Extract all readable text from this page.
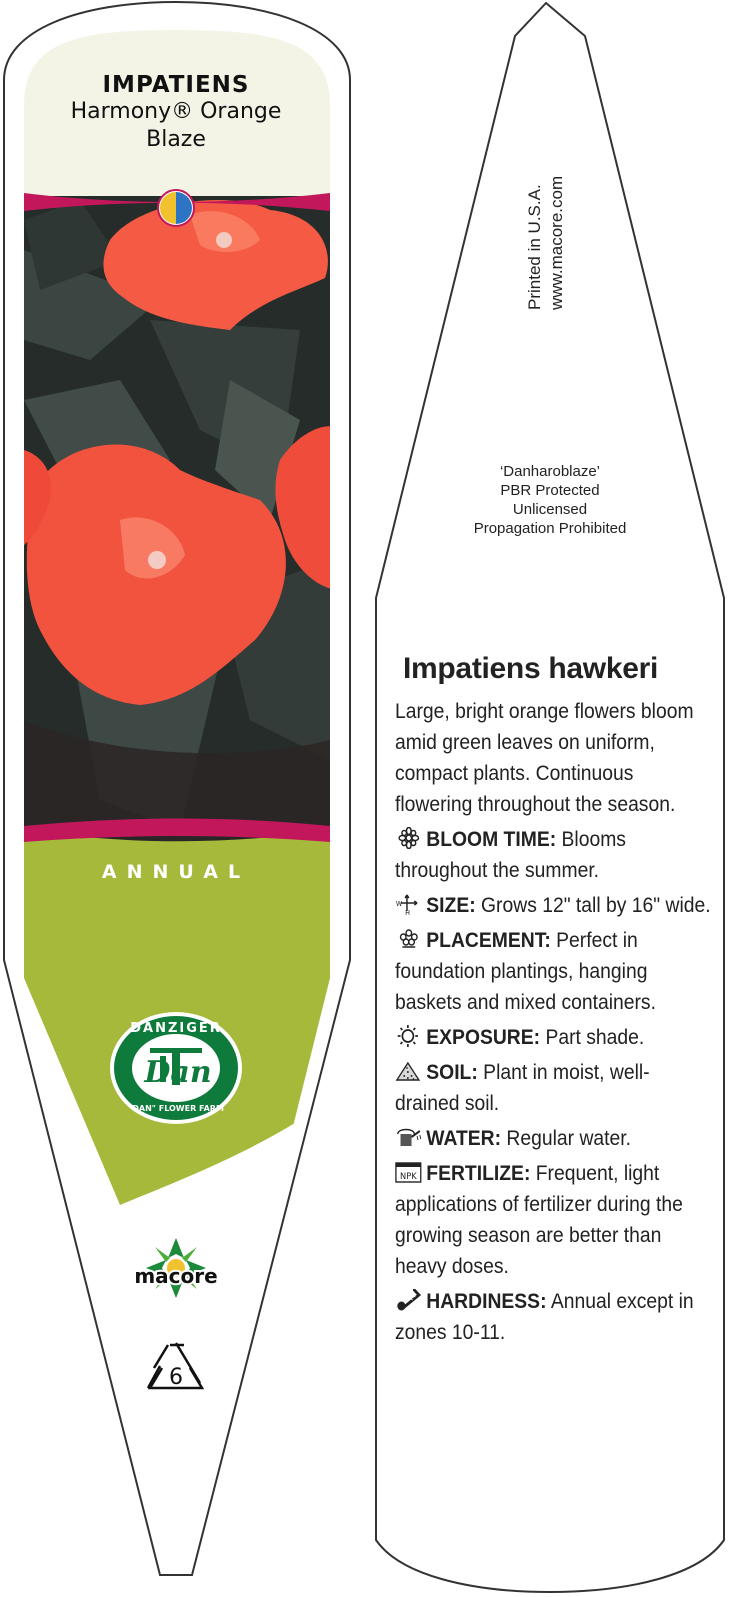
DANZIGER
Dan
"DAN" FLOWER FARM
macore
6
IMPATIENS
Harmony® Orange
Blaze
ANNUAL
Printed in U.S.A. www.macore.com
‘Danharoblaze’
PBR Protected
Unlicensed
Propagation Prohibited
Impatiens hawkeri
Large, bright orange flowers bloom amid green leaves on uniform, compact plants. Continuous flowering throughout the season.
BLOOM TIME: Blooms throughout the summer.
W
H SIZE: Grows 12" tall by 16" wide.
PLACEMENT: Perfect in foundation plantings, hanging baskets and mixed containers.
EXPOSURE: Part shade.
SOIL: Plant in moist, well-drained soil.
WATER: Regular water.
NPK FERTILIZE: Frequent, light applications of fertilizer during the growing season are better than heavy doses.
HARDINESS: Annual except in zones 10-11.
